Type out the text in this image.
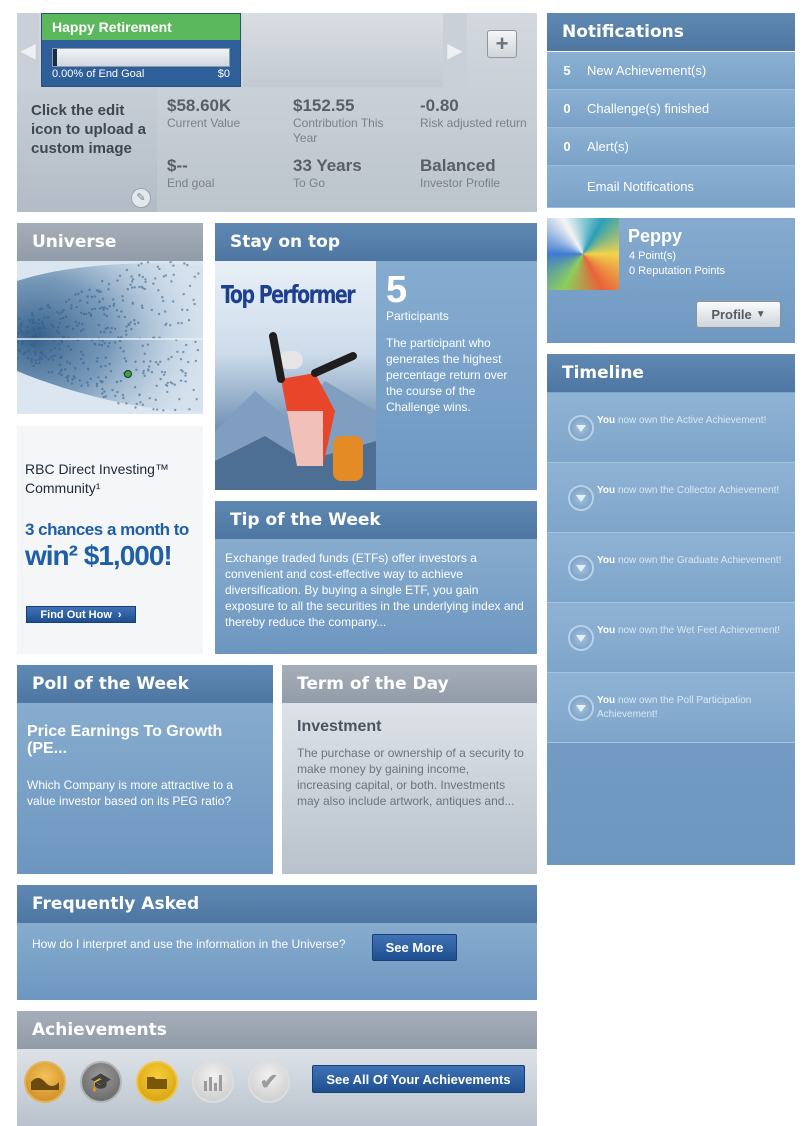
◀
Happy Retirement
0.00% of End Goal	$0
▶	+
Click the edit icon to upload a custom image
✎
$58.60K
Current Value
$152.55
Contribution This Year
-0.80
Risk adjusted return
$--
End goal
33 Years
To Go
Balanced
Investor Profile
Notifications
5	New Achievement(s)
0	Challenge(s) finished
0	Alert(s)
Email Notifications
Peppy
4 Point(s)
0 Reputation Points
Profile ▼
Timeline
You now own the Active Achievement!
You now own the Collector Achievement!
You now own the Graduate Achievement!
You now own the Wet Feet Achievement!
You now own the Poll Participation Achievement!
Universe
RBC Direct Investing™ Community¹
3 chances a month to
win² $1,000!
Find Out How ›
Stay on top
Top Performer 5
Participants
The participant who generates the highest percentage return over the course of the Challenge wins.
Tip of the Week
Exchange traded funds (ETFs) offer investors a convenient and cost-effective way to achieve diversification. By buying a single ETF, you gain exposure to all the securities in the underlying index and thereby reduce the company...
Poll of the Week
Price Earnings To Growth (PE...
Which Company is more attractive to a value investor based on its PEG ratio?
Term of the Day
Investment
The purchase or ownership of a security to make money by gaining income, increasing capital, or both. Investments may also include artwork, antiques and...
Frequently Asked
How do I interpret and use the information in the Universe?	See More
Achievements
🎓	✔	See All Of Your Achievements
